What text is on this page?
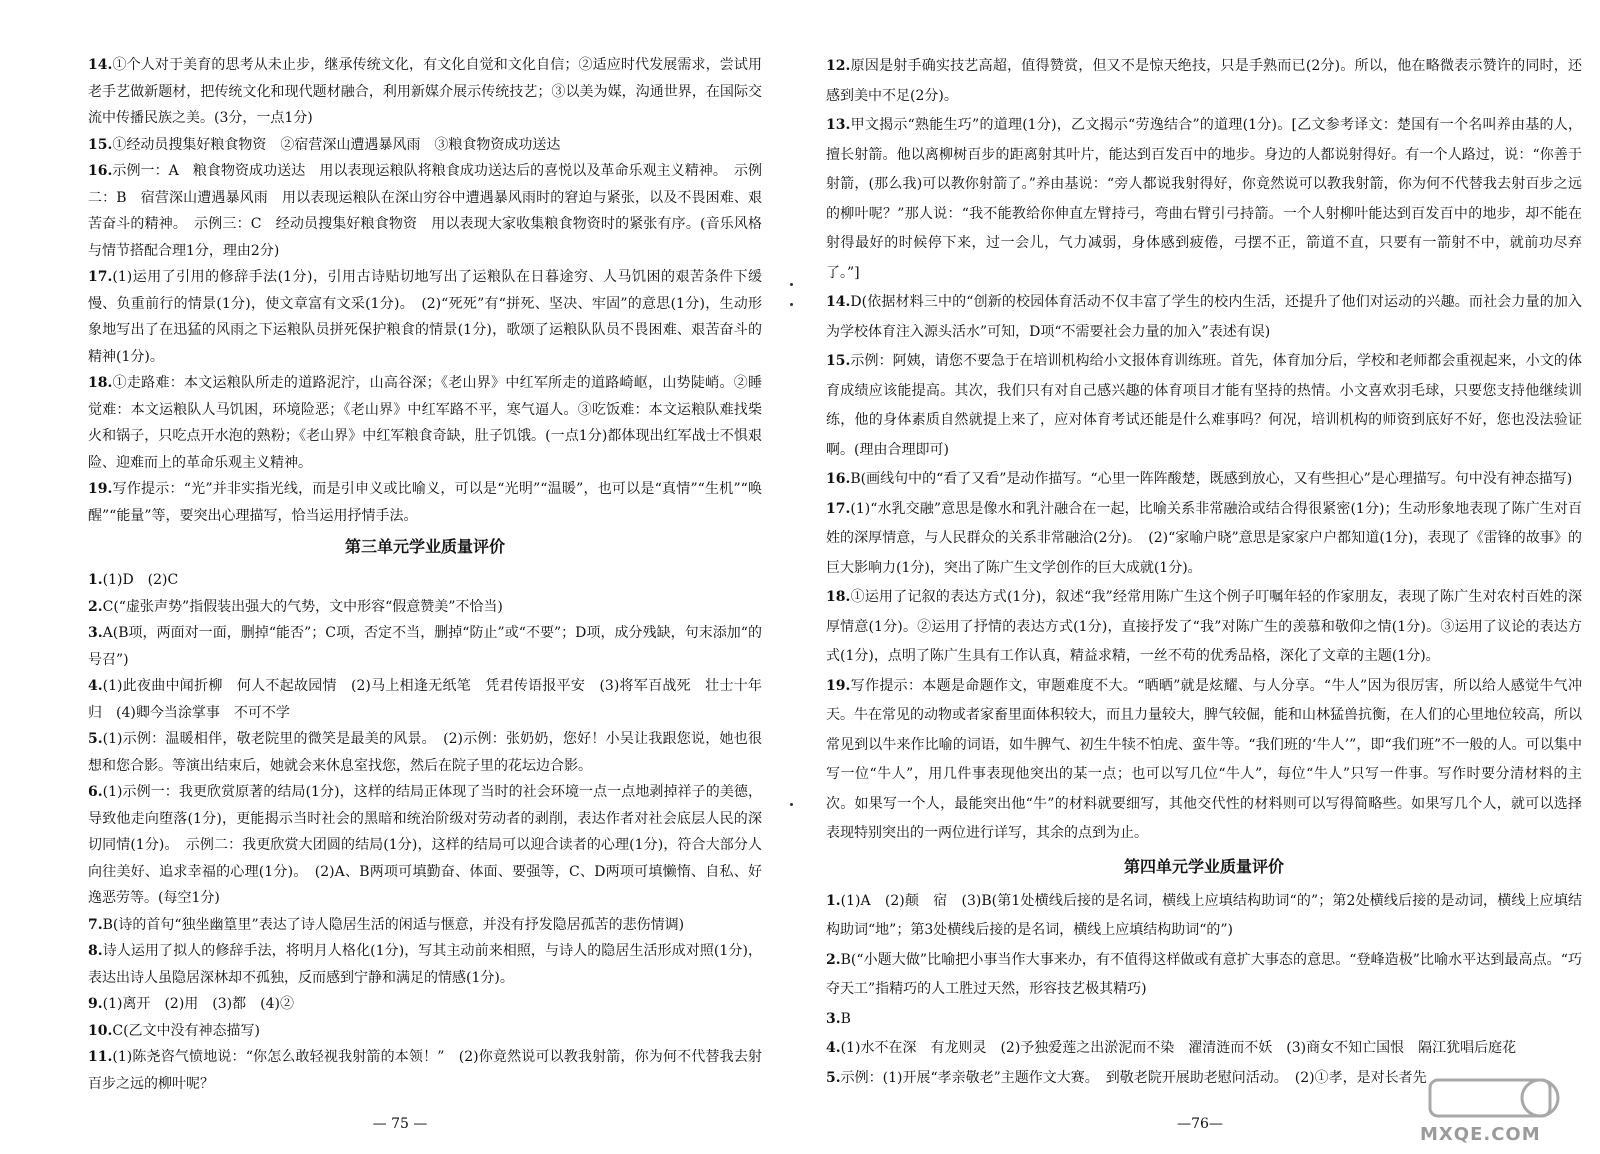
14.①个人对于美育的思考从未止步，继承传统文化，有文化自觉和文化自信；②适应时代发展需求，尝试用老手艺做新题材，把传统文化和现代题材融合，利用新媒介展示传统技艺；③以美为媒，沟通世界，在国际交流中传播民族之美。(3分，一点1分)

15.①经动员搜集好粮食物资　②宿营深山遭遇暴风雨　③粮食物资成功送达

16.示例一：A　粮食物资成功送达　用以表现运粮队将粮食成功送达后的喜悦以及革命乐观主义精神。　示例二：B　宿营深山遭遇暴风雨　用以表现运粮队在深山穷谷中遭遇暴风雨时的窘迫与紧张，以及不畏困难、艰苦奋斗的精神。　示例三：C　经动员搜集好粮食物资　用以表现大家收集粮食物资时的紧张有序。(音乐风格与情节搭配合理1分，理由2分)

17.(1)运用了引用的修辞手法(1分)，引用古诗贴切地写出了运粮队在日暮途穷、人马饥困的艰苦条件下缓慢、负重前行的情景(1分)，使文章富有文采(1分)。　(2)“死死”有“拼死、坚决、牢固”的意思(1分)，生动形象地写出了在迅猛的风雨之下运粮队员拼死保护粮食的情景(1分)，歌颂了运粮队队员不畏困难、艰苦奋斗的精神(1分)。

18.①走路难：本文运粮队所走的道路泥泞，山高谷深；《老山界》中红军所走的道路崎岖，山势陡峭。②睡觉难：本文运粮队人马饥困，环境险恶；《老山界》中红军路不平，寒气逼人。③吃饭难：本文运粮队难找柴火和锅子，只吃点开水泡的熟粉；《老山界》中红军粮食奇缺，肚子饥饿。(一点1分)都体现出红军战士不惧艰险、迎难而上的革命乐观主义精神。

19.写作提示：“光”并非实指光线，而是引申义或比喻义，可以是“光明”“温暖”，也可以是“真情”“生机”“唤醒”“能量”等，要突出心理描写，恰当运用抒情手法。

第三单元学业质量评价

1.(1)D　(2)C

2.C(“虚张声势”指假装出强大的气势，文中形容“假意赞美”不恰当)

3.A(B项，两面对一面，删掉“能否”；C项，否定不当，删掉“防止”或“不要”；D项，成分残缺，句末添加“的号召”)

4.(1)此夜曲中闻折柳　何人不起故园情　(2)马上相逢无纸笔　凭君传语报平安　(3)将军百战死　壮士十年归　(4)卿今当涂掌事　不可不学

5.(1)示例：温暖相伴，敬老院里的微笑是最美的风景。　(2)示例：张奶奶，您好！小吴让我跟您说，她也很想和您合影。等演出结束后，她就会来休息室找您，然后在院子里的花坛边合影。

6.(1)示例一：我更欣赏原著的结局(1分)，这样的结局正体现了当时的社会环境一点一点地剥掉祥子的美德，导致他走向堕落(1分)，更能揭示当时社会的黑暗和统治阶级对劳动者的剥削，表达作者对社会底层人民的深切同情(1分)。　示例二：我更欣赏大团圆的结局(1分)，这样的结局可以迎合读者的心理(1分)，符合大部分人向往美好、追求幸福的心理(1分)。　(2)A、B两项可填勤奋、体面、要强等，C、D两项可填懒惰、自私、好逸恶劳等。(每空1分)

7.B(诗的首句“独坐幽篁里”表达了诗人隐居生活的闲适与惬意，并没有抒发隐居孤苦的悲伤情调)

8.诗人运用了拟人的修辞手法，将明月人格化(1分)，写其主动前来相照，与诗人的隐居生活形成对照(1分)，表达出诗人虽隐居深林却不孤独，反而感到宁静和满足的情感(1分)。

9.(1)离开　(2)用　(3)都　(4)②

10.C(乙文中没有神态描写)

11.(1)陈尧咨气愤地说：“你怎么敢轻视我射箭的本领！”　(2)你竟然说可以教我射箭，你为何不代替我去射百步之远的柳叶呢？

— 75 —

12.原因是射手确实技艺高超，值得赞赏，但又不是惊天绝技，只是手熟而已(2分)。所以，他在略微表示赞许的同时，还感到美中不足(2分)。

13.甲文揭示“熟能生巧”的道理(1分)，乙文揭示“劳逸结合”的道理(1分)。[乙文参考译文：楚国有一个名叫养由基的人，擅长射箭。他以离柳树百步的距离射其叶片，能达到百发百中的地步。身边的人都说射得好。有一个人路过，说：“你善于射箭，(那么我)可以教你射箭了。”养由基说：“旁人都说我射得好，你竟然说可以教我射箭，你为何不代替我去射百步之远的柳叶呢？”那人说：“我不能教给你伸直左臂持弓，弯曲右臂引弓持箭。一个人射柳叶能达到百发百中的地步，却不能在射得最好的时候停下来，过一会儿，气力减弱，身体感到疲倦，弓摆不正，箭道不直，只要有一箭射不中，就前功尽弃了。”]

14.D(依据材料三中的“创新的校园体育活动不仅丰富了学生的校内生活，还提升了他们对运动的兴趣。而社会力量的加入为学校体育注入源头活水”可知，D项“不需要社会力量的加入”表述有误)

15.示例：阿姨，请您不要急于在培训机构给小文报体育训练班。首先，体育加分后，学校和老师都会重视起来，小文的体育成绩应该能提高。其次，我们只有对自己感兴趣的体育项目才能有坚持的热情。小文喜欢羽毛球，只要您支持他继续训练，他的身体素质自然就提上来了，应对体育考试还能是什么难事吗？何况，培训机构的师资到底好不好，您也没法验证啊。(理由合理即可)

16.B(画线句中的“看了又看”是动作描写。“心里一阵阵酸楚，既感到放心，又有些担心”是心理描写。句中没有神态描写)

17.(1)“水乳交融”意思是像水和乳汁融合在一起，比喻关系非常融洽或结合得很紧密(1分)；生动形象地表现了陈广生对百姓的深厚情意，与人民群众的关系非常融洽(2分)。　(2)“家喻户晓”意思是家家户户都知道(1分)，表现了《雷锋的故事》的巨大影响力(1分)，突出了陈广生文学创作的巨大成就(1分)。

18.①运用了记叙的表达方式(1分)，叙述“我”经常用陈广生这个例子叮嘱年轻的作家朋友，表现了陈广生对农村百姓的深厚情意(1分)。②运用了抒情的表达方式(1分)，直接抒发了“我”对陈广生的羡慕和敬仰之情(1分)。③运用了议论的表达方式(1分)，点明了陈广生具有工作认真，精益求精，一丝不苟的优秀品格，深化了文章的主题(1分)。

19.写作提示：本题是命题作文，审题难度不大。“晒晒”就是炫耀、与人分享。“牛人”因为很厉害，所以给人感觉牛气冲天。牛在常见的动物或者家畜里面体积较大，而且力量较大，脾气较倔，能和山林猛兽抗衡，在人们的心里地位较高，所以常见到以牛来作比喻的词语，如牛脾气、初生牛犊不怕虎、蛮牛等。“我们班的‘牛人’”，即“我们班”不一般的人。可以集中写一位“牛人”，用几件事表现他突出的某一点；也可以写几位“牛人”，每位“牛人”只写一件事。写作时要分清材料的主次。如果写一个人，最能突出他“牛”的材料就要细写，其他交代性的材料则可以写得简略些。如果写几个人，就可以选择表现特别突出的一两位进行详写，其余的点到为止。

第四单元学业质量评价

1.(1)A　(2)颠　宿　(3)B(第1处横线后接的是名词，横线上应填结构助词“的”；第2处横线后接的是动词，横线上应填结构助词“地”；第3处横线后接的是名词，横线上应填结构助词“的”)

2.B(“小题大做”比喻把小事当作大事来办，有不值得这样做或有意扩大事态的意思。“登峰造极”比喻水平达到最高点。“巧夺天工”指精巧的人工胜过天然，形容技艺极其精巧)

3.B

4.(1)水不在深　有龙则灵　(2)予独爱莲之出淤泥而不染　濯清涟而不妖　(3)商女不知亡国恨　隔江犹唱后庭花

5.示例：(1)开展“孝亲敬老”主题作文大赛。　到敬老院开展助老慰问活动。　(2)①孝，是对长者先

—76—	MXQE.COM
